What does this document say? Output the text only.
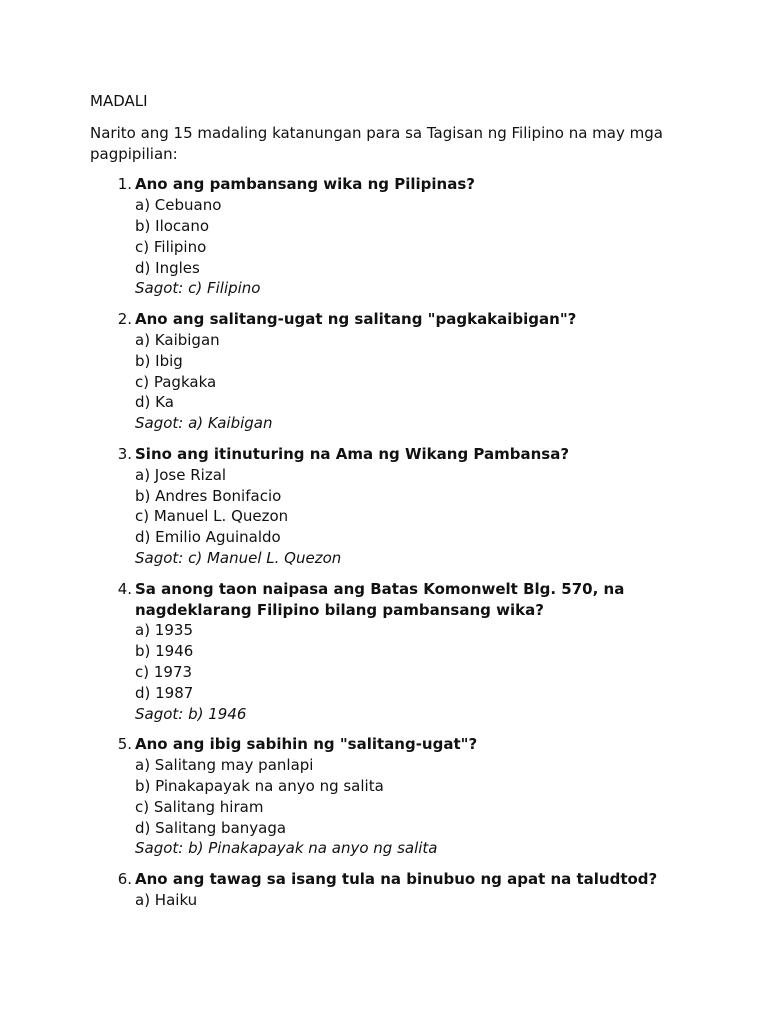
MADALI

Narito ang 15 madaling katanungan para sa Tagisan ng Filipino na may mga pagpipilian:

1. Ano ang pambansang wika ng Pilipinas?
a) Cebuano
b) Ilocano
c) Filipino
d) Ingles
Sagot: c) Filipino
2. Ano ang salitang-ugat ng salitang "pagkakaibigan"?
a) Kaibigan
b) Ibig
c) Pagkaka
d) Ka
Sagot: a) Kaibigan
3. Sino ang itinuturing na Ama ng Wikang Pambansa?
a) Jose Rizal
b) Andres Bonifacio
c) Manuel L. Quezon
d) Emilio Aguinaldo
Sagot: c) Manuel L. Quezon
4. Sa anong taon naipasa ang Batas Komonwelt Blg. 570, na nagdeklarang Filipino bilang pambansang wika?
a) 1935
b) 1946
c) 1973
d) 1987
Sagot: b) 1946
5. Ano ang ibig sabihin ng "salitang-ugat"?
a) Salitang may panlapi
b) Pinakapayak na anyo ng salita
c) Salitang hiram
d) Salitang banyaga
Sagot: b) Pinakapayak na anyo ng salita
6. Ano ang tawag sa isang tula na binubuo ng apat na taludtod?
a) Haiku
